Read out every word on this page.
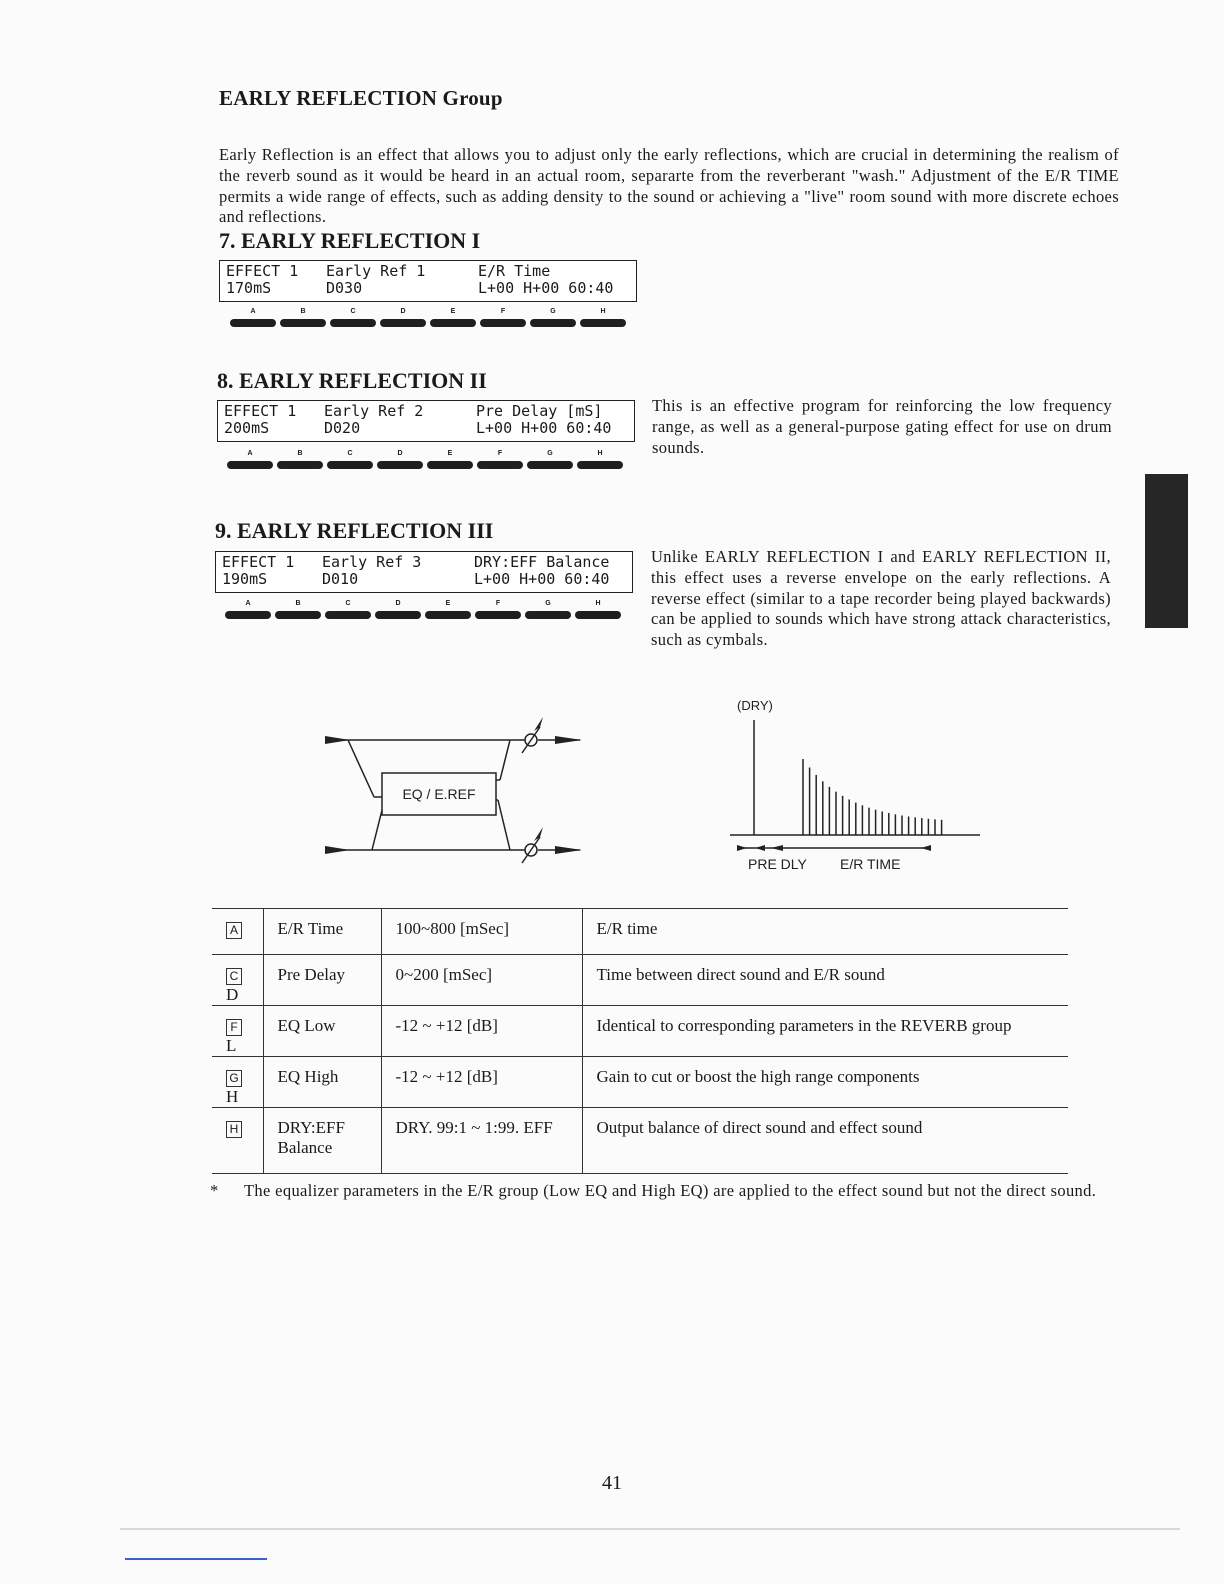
EARLY REFLECTION Group
Early Reflection is an effect that allows you to adjust only the early reflections, which are crucial in determining the realism of the reverb sound as it would be heard in an actual room, separarte from the reverberant "wash." Adjustment of the E/R TIME permits a wide range of effects, such as adding density to the sound or achieving a "live" room sound with more discrete echoes and reflections.
7. EARLY REFLECTION I
EFFECT 1 Early Ref 1	E/R Time
170mS	D030	L+00 H+00 60:40
A	B	C	D	E	F	G	H
8. EARLY REFLECTION II
EFFECT 1 Early Ref 2	Pre Delay [mS]
200mS	D020	L+00 H+00 60:40
A	B	C	D	E	F	G	H
This is an effective program for reinforcing the low frequency range, as well as a general-purpose gating effect for use on drum sounds.
9. EARLY REFLECTION III
EFFECT 1 Early Ref 3	DRY:EFF Balance
190mS	D010	L+00 H+00 60:40
A	B	C	D	E	F	G	H
Unlike EARLY REFLECTION I and EARLY REFLECTION II, this effect uses a reverse envelope on the early reflections. A reverse effect (similar to a tape recorder being played backwards) can be applied to sounds which have strong attack characteristics, such as cymbals.
EQ / E.REF
(DRY)
PRE DLY E/R TIME
A	E/R Time	100~800 [mSec]	E/R time
CD	Pre Delay	0~200 [mSec]	Time between direct sound and E/R sound
FL	EQ Low	-12 ~ +12 [dB]	Identical to corresponding parameters in the REVERB group
GH	EQ High	-12 ~ +12 [dB]	Gain to cut or boost the high range components
H	DRY:EFF Balance	DRY. 99:1 ~ 1:99. EFF	Output balance of direct sound and effect sound
* The equalizer parameters in the E/R group (Low EQ and High EQ) are applied to the effect sound but not the direct sound.
41
